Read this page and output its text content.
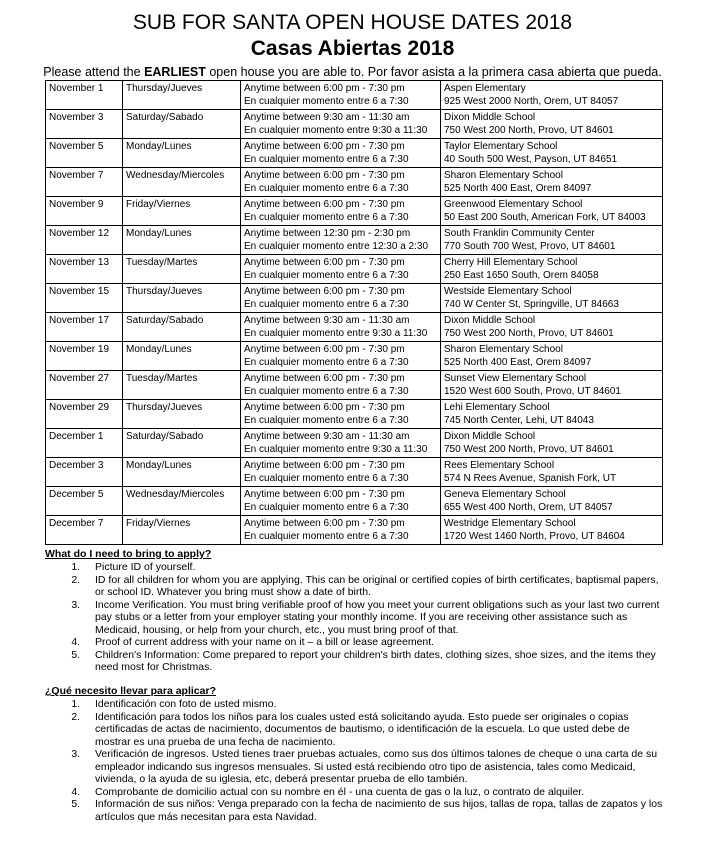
SUB FOR SANTA OPEN HOUSE DATES 2018
Casas Abiertas 2018
Please attend the EARLIEST open house you are able to. Por favor asista a la primera casa abierta que pueda.
November 1	Thursday/Jueves	Anytime between 6:00 pm - 7:30 pm
En cualquier momento entre 6 a 7:30	Aspen Elementary
925 West 2000 North, Orem, UT 84057

November 3	Saturday/Sabado	Anytime between 9:30 am - 11:30 am
En cualquier momento entre 9:30 a 11:30	Dixon Middle School
750 West 200 North, Provo, UT 84601

November 5	Monday/Lunes	Anytime between 6:00 pm - 7:30 pm
En cualquier momento entre 6 a 7:30	Taylor Elementary School
40 South 500 West, Payson, UT 84651

November 7	Wednesday/Miercoles	Anytime between 6:00 pm - 7:30 pm
En cualquier momento entre 6 a 7:30	Sharon Elementary School
525 North 400 East, Orem 84097

November 9	Friday/Viernes	Anytime between 6:00 pm - 7:30 pm
En cualquier momento entre 6 a 7:30	Greenwood Elementary School
50 East 200 South, American Fork, UT 84003

November 12	Monday/Lunes	Anytime between 12:30 pm - 2:30 pm
En cualquier momento entre 12:30 a 2:30	South Franklin Community Center
770 South 700 West, Provo, UT 84601

November 13	Tuesday/Martes	Anytime between 6:00 pm - 7:30 pm
En cualquier momento entre 6 a 7:30	Cherry Hill Elementary School
250 East 1650 South, Orem 84058

November 15	Thursday/Jueves	Anytime between 6:00 pm - 7:30 pm
En cualquier momento entre 6 a 7:30	Westside Elementary School
740 W Center St, Springville, UT 84663

November 17	Saturday/Sabado	Anytime between 9:30 am - 11:30 am
En cualquier momento entre 9:30 a 11:30	Dixon Middle School
750 West 200 North, Provo, UT 84601

November 19	Monday/Lunes	Anytime between 6:00 pm - 7:30 pm
En cualquier momento entre 6 a 7:30	Sharon Elementary School
525 North 400 East, Orem 84097

November 27	Tuesday/Martes	Anytime between 6:00 pm - 7:30 pm
En cualquier momento entre 6 a 7:30	Sunset View Elementary School
1520 West 600 South, Provo, UT 84601

November 29	Thursday/Jueves	Anytime between 6:00 pm - 7:30 pm
En cualquier momento entre 6 a 7:30	Lehi Elementary School
745 North Center, Lehi, UT 84043

December 1	Saturday/Sabado	Anytime between 9:30 am - 11:30 am
En cualquier momento entre 9:30 a 11:30	Dixon Middle School
750 West 200 North, Provo, UT 84601

December 3	Monday/Lunes	Anytime between 6:00 pm - 7:30 pm
En cualquier momento entre 6 a 7:30	Rees Elementary School
574 N Rees Avenue, Spanish Fork, UT

December 5	Wednesday/Miercoles	Anytime between 6:00 pm - 7:30 pm
En cualquier momento entre 6 a 7:30	Geneva Elementary School
655 West 400 North, Orem, UT 84057

December 7	Friday/Viernes	Anytime between 6:00 pm - 7:30 pm
En cualquier momento entre 6 a 7:30	Westridge Elementary School
1720 West 1460 North, Provo, UT 84604
What do I need to bring to apply?
1. Picture ID of yourself.
2. ID for all children for whom you are applying. This can be original or certified copies of birth certificates, baptismal papers, or school ID. Whatever you bring must show a date of birth.
3. Income Verification. You must bring verifiable proof of how you meet your current obligations such as your last two current pay stubs or a letter from your employer stating your monthly income. If you are receiving other assistance such as Medicaid, housing, or help from your church, etc., you must bring proof of that.
4. Proof of current address with your name on it – a bill or lease agreement.
5. Children's Information: Come prepared to report your children's birth dates, clothing sizes, shoe sizes, and the items they need most for Christmas.
¿Qué necesito llevar para aplicar?
1. Identificación con foto de usted mismo.
2. Identificación para todos los niños para los cuales usted está solicitando ayuda. Esto puede ser originales o copias certificadas de actas de nacimiento, documentos de bautismo, o identificación de la escuela. Lo que usted debe de mostrar es una prueba de una fecha de nacimiento.
3. Verificación de ingresos. Usted tienes traer pruebas actuales, como sus dos últimos talones de cheque o una carta de su empleador indicando sus ingresos mensuales. Si usted está recibiendo otro tipo de asistencia, tales como Medicaid, vivienda, o la ayuda de su iglesia, etc, deberá presentar prueba de ello también.
4. Comprobante de domicilio actual con su nombre en él - una cuenta de gas o la luz, o contrato de alquiler.
5. Información de sus niños: Venga preparado con la fecha de nacimiento de sus hijos, tallas de ropa, tallas de zapatos y los artículos que más necesitan para esta Navidad.
